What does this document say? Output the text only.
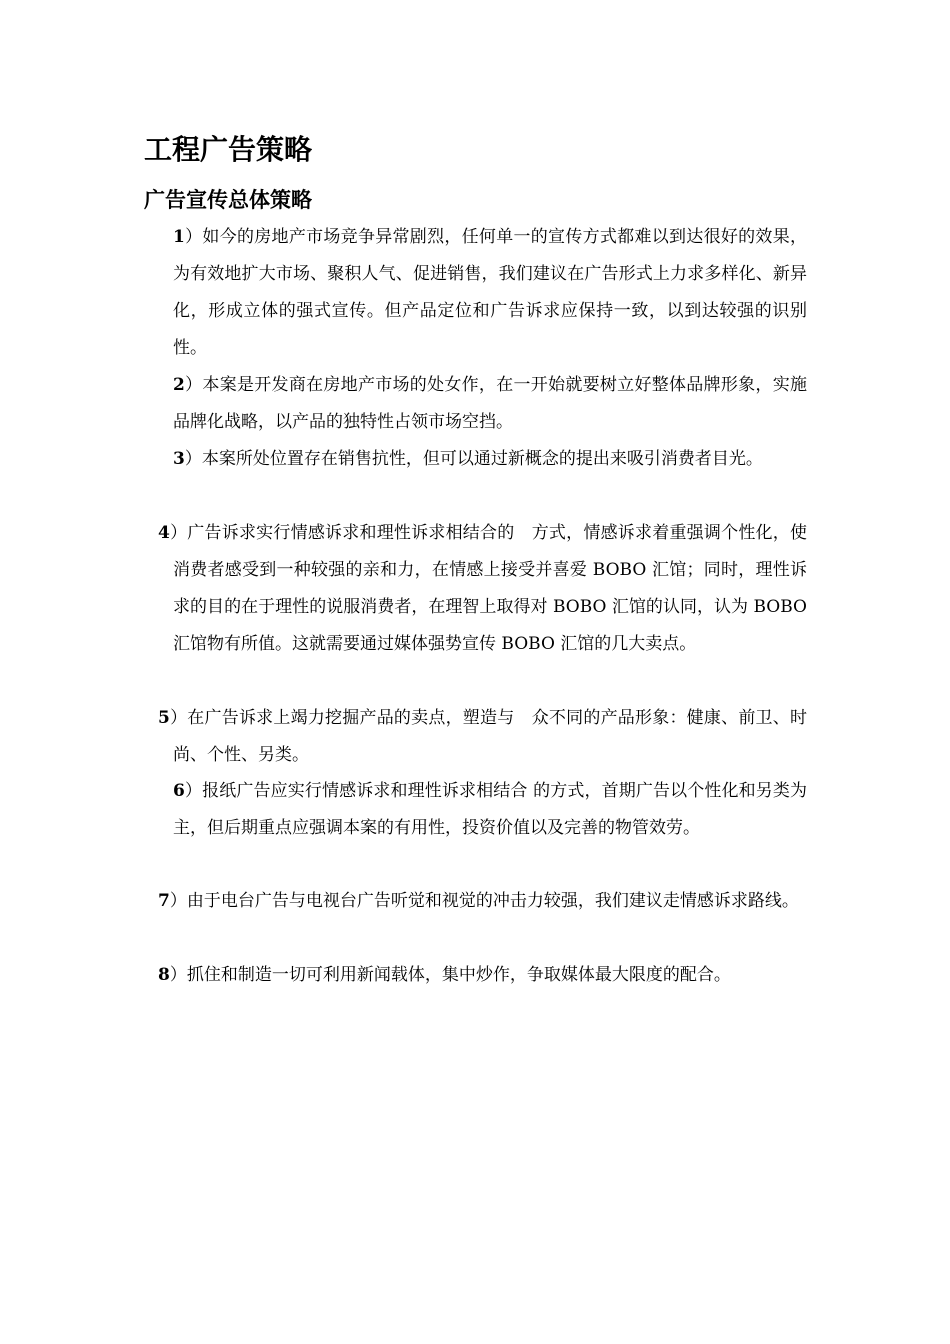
工程广告策略
广告宣传总体策略

1）如今的房地产市场竞争异常剧烈，任何单一的宣传方式都难以到达很好的效果，为有效地扩大市场、聚积人气、促进销售，我们建议在广告形式上力求多样化、新异化，形成立体的强式宣传。但产品定位和广告诉求应保持一致，以到达较强的识别性。

2）本案是开发商在房地产市场的处女作，在一开始就要树立好整体品牌形象，实施品牌化战略，以产品的独特性占领市场空挡。

3）本案所处位置存在销售抗性，但可以通过新概念的提出来吸引消费者目光。

4）广告诉求实行情感诉求和理性诉求相结合的　方式，情感诉求着重强调个性化，使消费者感受到一种较强的亲和力，在情感上接受并喜爱 BOBO 汇馆；同时，理性诉求的目的在于理性的说服消费者，在理智上取得对 BOBO 汇馆的认同，认为 BOBO 汇馆物有所值。这就需要通过媒体强势宣传 BOBO 汇馆的几大卖点。

5）在广告诉求上竭力挖掘产品的卖点，塑造与　众不同的产品形象：健康、前卫、时尚、个性、另类。

6）报纸广告应实行情感诉求和理性诉求相结合 的方式，首期广告以个性化和另类为主，但后期重点应强调本案的有用性，投资价值以及完善的物管效劳。

7）由于电台广告与电视台广告听觉和视觉的冲击力较强，我们建议走情感诉求路线。

8）抓住和制造一切可利用新闻载体，集中炒作，争取媒体最大限度的配合。
